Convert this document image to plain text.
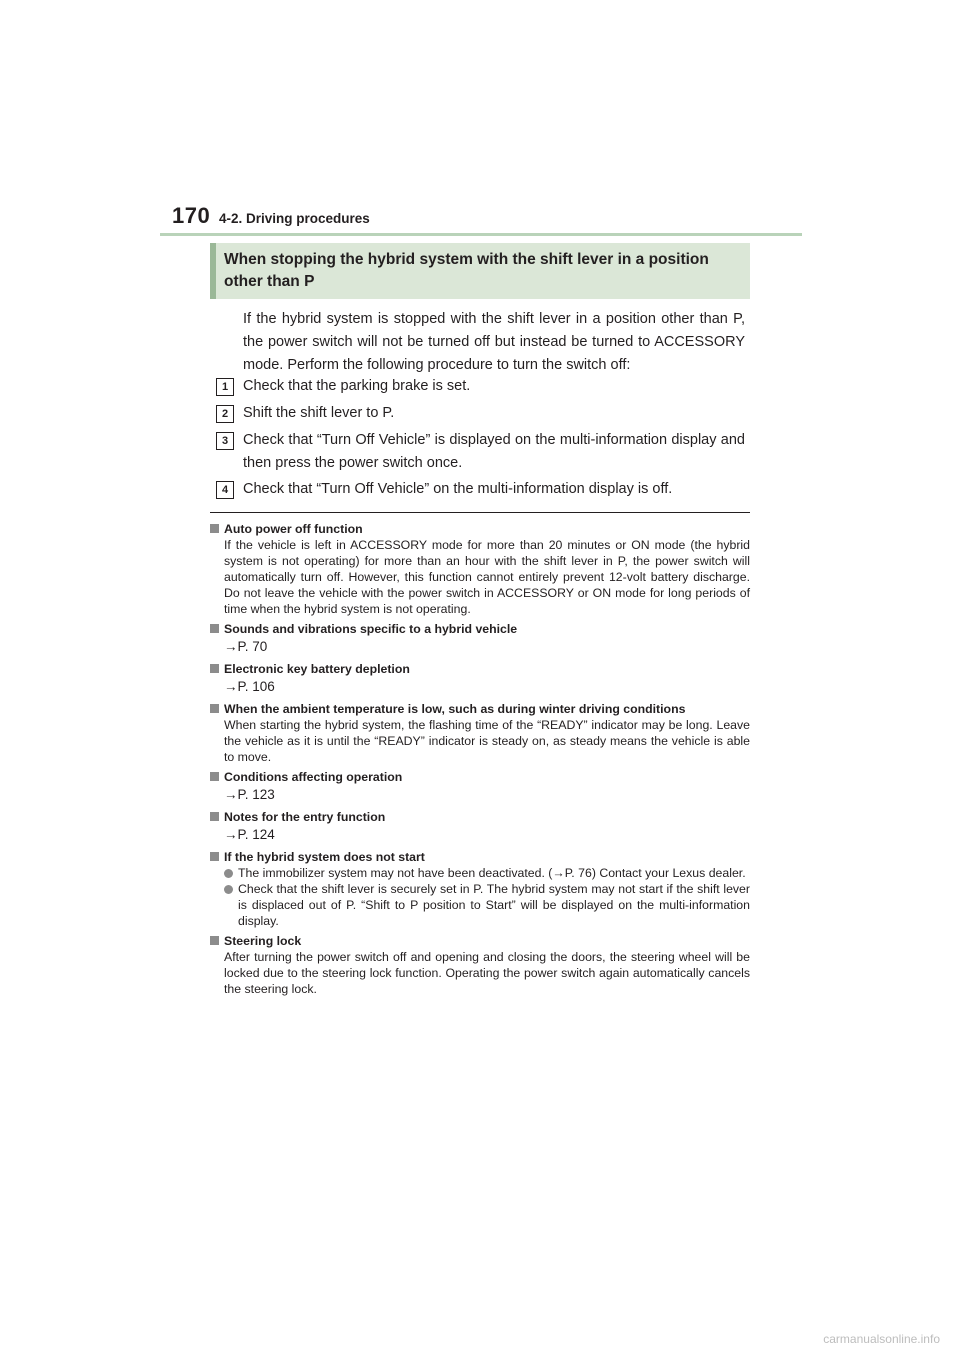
170 4-2. Driving procedures
When stopping the hybrid system with the shift lever in a position other than P
If the hybrid system is stopped with the shift lever in a position other than P, the power switch will not be turned off but instead be turned to ACCESSORY mode. Perform the following procedure to turn the switch off:
1	Check that the parking brake is set.
2	Shift the shift lever to P.
3	Check that “Turn Off Vehicle” is displayed on the multi-information display and then press the power switch once.
4	Check that “Turn Off Vehicle” on the multi-information display is off.
Auto power off function
If the vehicle is left in ACCESSORY mode for more than 20 minutes or ON mode (the hybrid system is not operating) for more than an hour with the shift lever in P, the power switch will automatically turn off. However, this function cannot entirely prevent 12-volt battery discharge. Do not leave the vehicle with the power switch in ACCESSORY or ON mode for long periods of time when the hybrid system is not operating.
Sounds and vibrations specific to a hybrid vehicle
→P. 70
Electronic key battery depletion
→P. 106
When the ambient temperature is low, such as during winter driving conditions
When starting the hybrid system, the flashing time of the “READY” indicator may be long. Leave the vehicle as it is until the “READY” indicator is steady on, as steady means the vehicle is able to move.
Conditions affecting operation
→P. 123
Notes for the entry function
→P. 124
If the hybrid system does not start
The immobilizer system may not have been deactivated. (→P. 76) Contact your Lexus dealer.
Check that the shift lever is securely set in P. The hybrid system may not start if the shift lever is displaced out of P. “Shift to P position to Start” will be displayed on the multi-information display.
Steering lock
After turning the power switch off and opening and closing the doors, the steering wheel will be locked due to the steering lock function. Operating the power switch again automatically cancels the steering lock.
carmanualsonline.info
